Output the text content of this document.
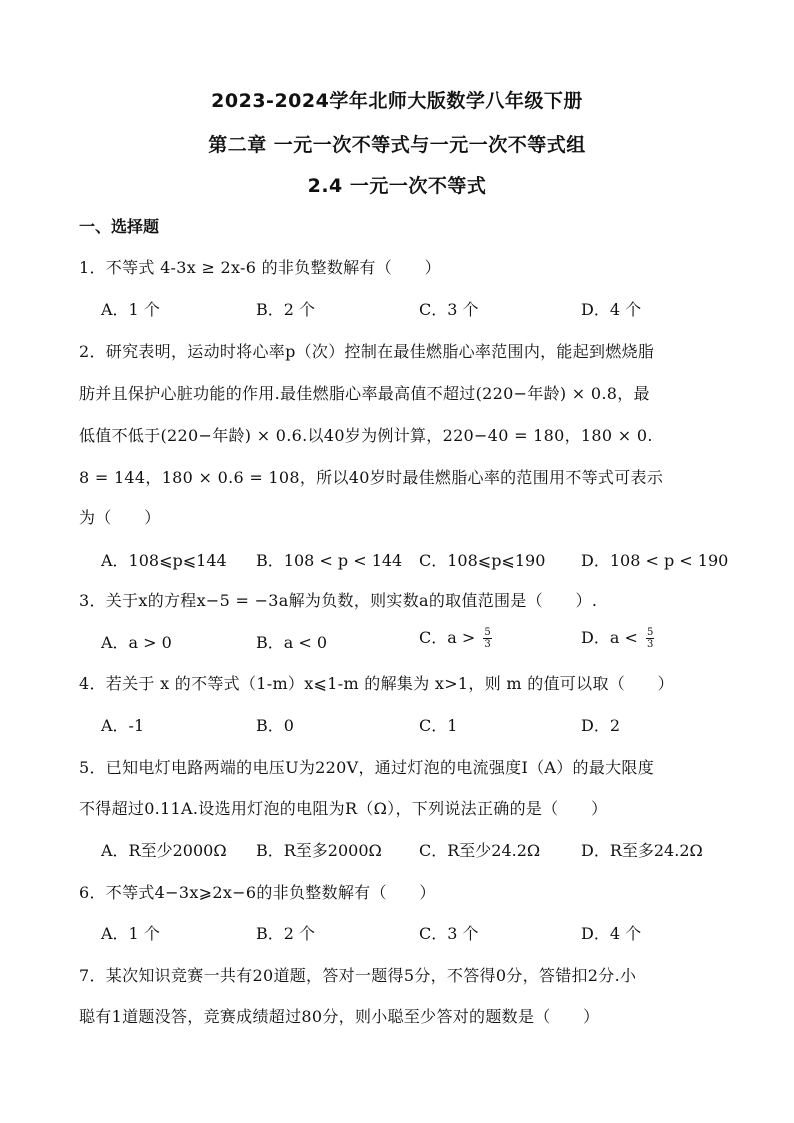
2023-2024学年北师大版数学八年级下册
第二章 一元一次不等式与一元一次不等式组
2.4 一元一次不等式
一、选择题
1．不等式 4-3x ≥ 2x-6 的非负整数解有（　　）
A．1 个	B．2 个	C．3 个	D．4 个
2．研究表明，运动时将心率p（次）控制在最佳燃脂心率范围内，能起到燃烧脂
肪并且保护心脏功能的作用.最佳燃脂心率最高值不超过(220−年龄) × 0.8，最
低值不低于(220−年龄) × 0.6.以40岁为例计算，220−40 = 180，180 × 0.
8 = 144，180 × 0.6 = 108，所以40岁时最佳燃脂心率的范围用不等式可表示
为（　　）
A．108⩽p⩽144 B．108 < p < 144 C．108⩽p⩽190 D．108 < p < 190
3．关于x的方程x−5 = −3a解为负数，则实数a的取值范围是（　　）.
A．a > 0	B．a < 0	C．$a > \frac{5}{3}$	D．$a < \frac{5}{3}$
4．若关于 x 的不等式（1-m）x⩽1-m 的解集为 x>1，则 m 的值可以取（　　）
A．-1	B．0	C．1	D．2
5．已知电灯电路两端的电压U为220V，通过灯泡的电流强度I（A）的最大限度
不得超过0.11A.设选用灯泡的电阻为R（Ω），下列说法正确的是（　　）
A．R至少2000Ω B．R至多2000Ω C．R至少24.2Ω	D．R至多24.2Ω
6．不等式4−3x⩾2x−6的非负整数解有（　　）
A．1 个	B．2 个	C．3 个	D．4 个
7．某次知识竞赛一共有20道题，答对一题得5分，不答得0分，答错扣2分.小
聪有1道题没答，竞赛成绩超过80分，则小聪至少答对的题数是（　　）
